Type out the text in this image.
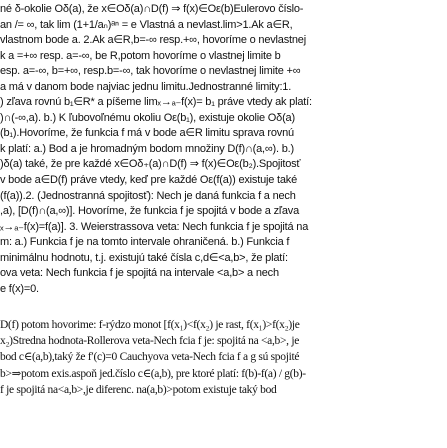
né δ-okolie Oδ(a), že x∈Oδ(a)∩D(f) ⇒ f(x)∈Oε(b)Eulerovo číslo-
an /= ∞, tak lim (1+1/aₙ)ᵃⁿ = e Vlastná a nevlast.lim>1.Ak a∈R,
vlastnom bode a. 2.Ak a∈R,b=-∞ resp.+∞, hovoríme o nevlastnej
k a =+∞ resp. a=-∞, be R,potom hovoríme o vlastnej limite b
esp. a=-∞, b=+∞, resp.b=-∞, tak hovoríme o nevlastnej limite +∞
a má v danom bode najviac jednu limitu.Jednostranné limity:1.
) zľava rovnú b₁∈R* a píšeme limₓ→ₐ₋f(x)= b₁ práve vtedy ak platí:
)∩(-∞,a). b.) K ľubovoľnému okoliu Oε(b₁), existuje okolie Oδ(a)
(b₁).Hovoríme, že funkcia f má v bode a∈R limitu sprava rovnú
k platí: a.) Bod a je hromadným bodom množiny D(f)∩(a,∞). b.)
)δ(a) také, že pre každé x∈Oδ₊(a)∩D(f) ⇒ f(x)∈Oε(b₂).Spojitosť
v bode a∈D(f) práve vtedy, keď pre každé Oε(f(a)) existuje také
(f(a)).2. (Jednostranná spojitosť): Nech je daná funkcia f a nech
,a), [D(f)∩(a,∞)]. Hovoríme, že funkcia f je spojitá v bode a zľava
ₓ→ₐ₋f(x)=f(a)]. 3. Weierstrassova veta: Nech funkcia f je spojitá na
m: a.) Funkcia f je na tomto intervale ohraničená. b.) Funkcia f
minimálnu hodnotu, t.j. existujú také čísla c,d∈<a,b>, že platí:
ova veta: Nech funkcia f je spojitá na intervale <a,b> a nech
e f(x)=0.
D(f) potom hovorime: f-rýdzo monot [f(x₁)<f(x₂) je rast, f(x₁)>f(x₂)je
x₂)Stredna hodnota-Rollerova veta-Nech fcia f je: spojitá na <a,b>, je
bod c∈(a,b),taký že f′(c)=0 Cauchyova veta-Nech fcia f a g sú spojité
b>⇒potom exis.aspoň jed.číslo c∈(a,b), pre ktoré platí: f(b)-f(a) / g(b)-
f je spojitá na<a,b>,je diferenc. na(a,b)>potom existuje taký bod
